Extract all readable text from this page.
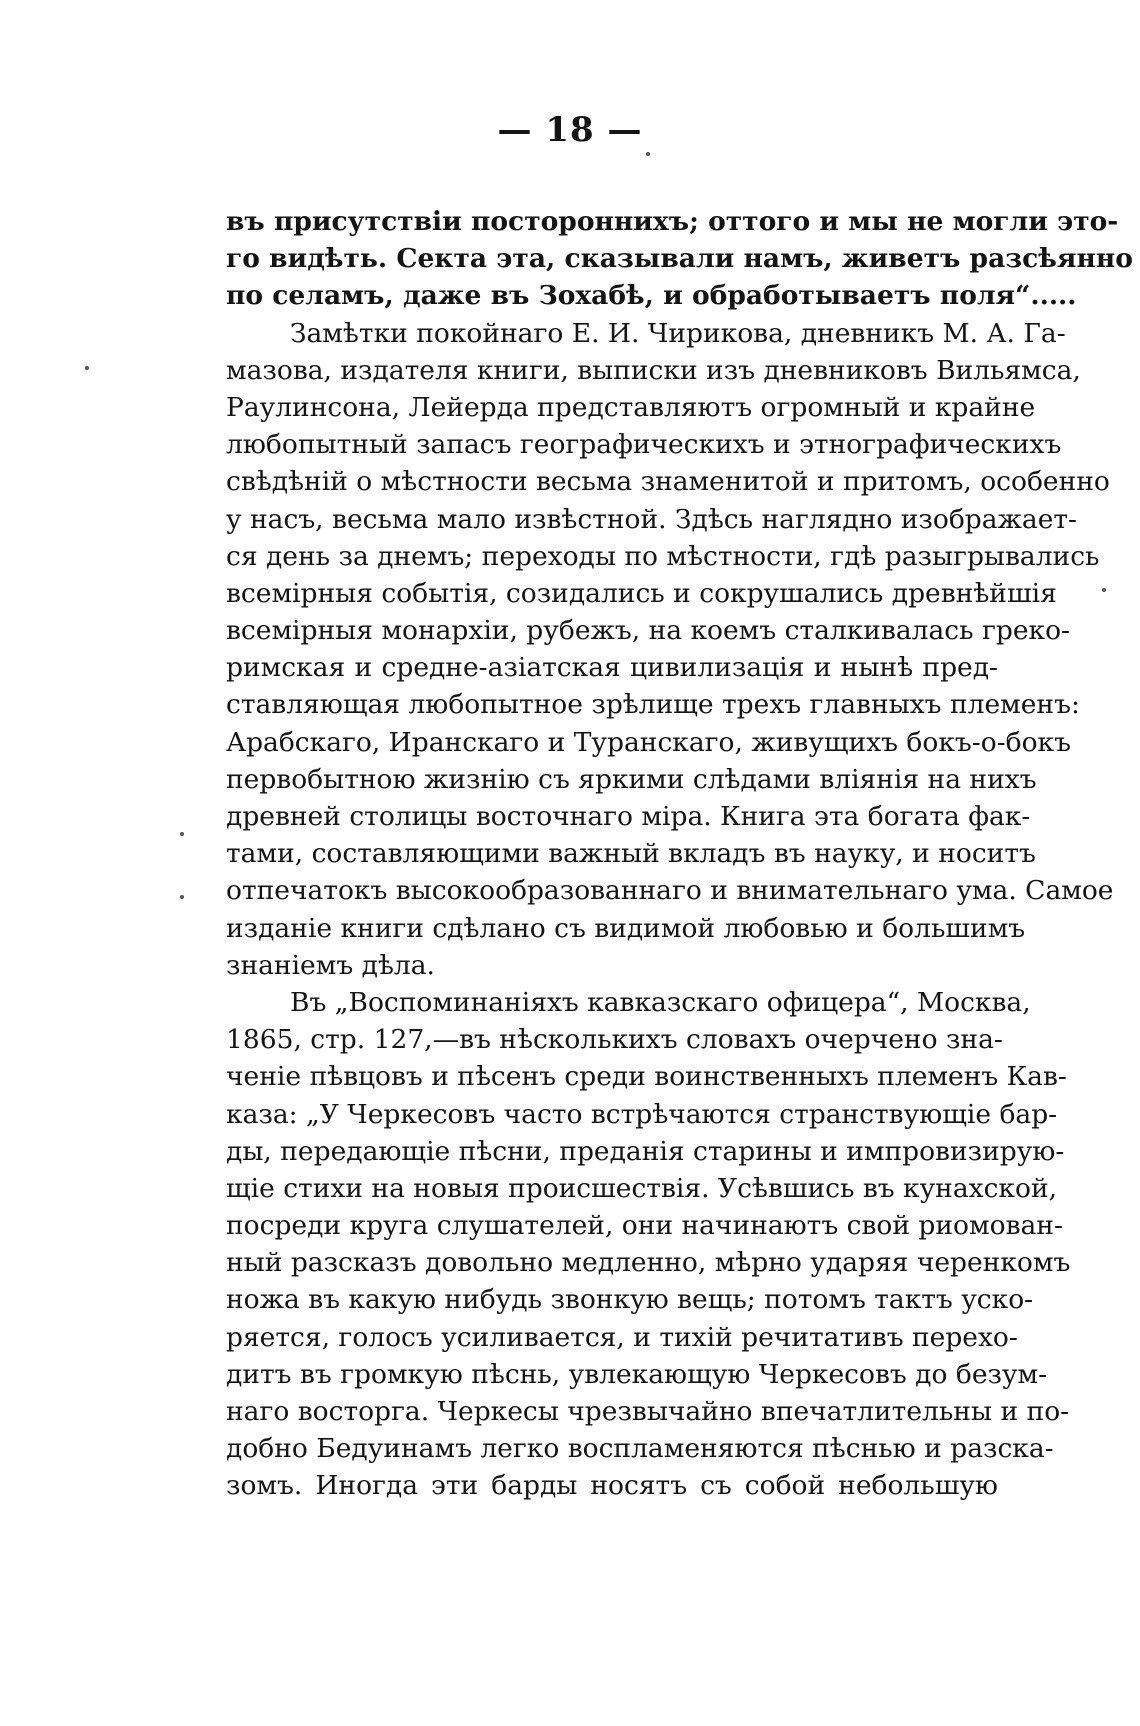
— 18 —
въ присутствіи постороннихъ; оттого и мы не могли это-
го видѣть. Секта эта, сказывали намъ, живетъ разсѣянно
по селамъ, даже въ Зохабѣ, и обработываетъ поля“.....
Замѣтки покойнаго Е. И. Чирикова, дневникъ М. А. Га-
мазова, издателя книги, выписки изъ дневниковъ Вильямса,
Раулинсона, Лейерда представляютъ огромный и крайне
любопытный запасъ географическихъ и этнографическихъ
свѣдѣній о мѣстности весьма знаменитой и притомъ, особенно
у насъ, весьма мало извѣстной. Здѣсь наглядно изображает-
ся день за днемъ; переходы по мѣстности, гдѣ разыгрывались
всемірныя событія, созидались и сокрушались древнѣйшія
всемірныя монархіи, рубежъ, на коемъ сталкивалась греко-
римская и средне-азіатская цивилизація и нынѣ пред-
ставляющая любопытное зрѣлище трехъ главныхъ племенъ:
Арабскаго, Иранскаго и Туранскаго, живущихъ бокъ-о-бокъ
первобытною жизнію съ яркими слѣдами вліянія на нихъ
древней столицы восточнаго міра. Книга эта богата фак-
тами, составляющими важный вкладъ въ науку, и носитъ
отпечатокъ высокообразованнаго и внимательнаго ума. Самое
изданіе книги сдѣлано съ видимой любовью и большимъ
знаніемъ дѣла.
Въ „Воспоминаніяхъ кавказскаго офицера“, Москва,
1865, стр. 127,—въ нѣсколькихъ словахъ очерчено зна-
ченіе пѣвцовъ и пѣсенъ среди воинственныхъ племенъ Кав-
каза: „У Черкесовъ часто встрѣчаются странствующіе бар-
ды, передающіе пѣсни, преданія старины и импровизирую-
щіе стихи на новыя происшествія. Усѣвшись въ кунахской,
посреди круга слушателей, они начинаютъ свой риомован-
ный разсказъ довольно медленно, мѣрно ударяя черенкомъ
ножа въ какую нибудь звонкую вещь; потомъ тактъ уско-
ряется, голосъ усиливается, и тихій речитативъ перехо-
дитъ въ громкую пѣснь, увлекающую Черкесовъ до безум-
наго восторга. Черкесы чрезвычайно впечатлительны и по-
добно Бедуинамъ легко воспламеняются пѣснью и разска-
зомъ. Иногда эти барды носятъ съ собой небольшую
